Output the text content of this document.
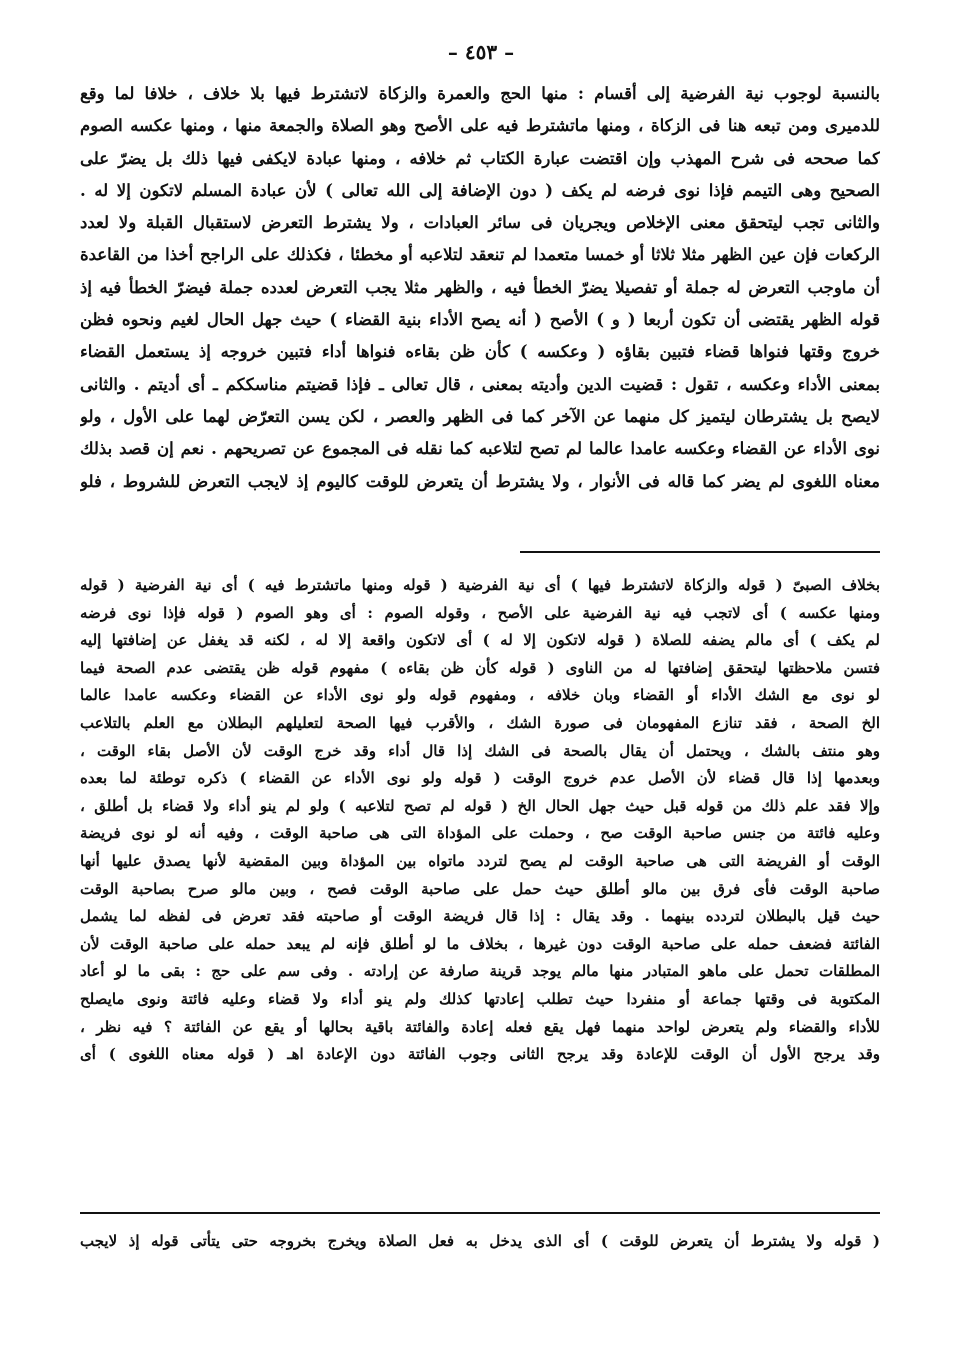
– ٤٥٣ –
بالنسبة لوجوب نية الفرضية إلى أقسام : منها الحج والعمرة والزكاة لاتشترط فيها بلا خلاف ، خلافا لما وقع
للدميرى ومن تبعه هنا فى الزكاة ، ومنها ماتشترط فيه على الأصح وهو الصلاة والجمعة منها ، ومنها عكسه الصوم
كما صححه فى شرح المهذب وإن اقتضت عبارة الكتاب ثم خلافه ، ومنها عبادة لايكفى فيها ذلك بل يضرّ على
الصحيح وهى التيمم فإذا نوى فرضه لم يكف ( دون الإضافة إلى الله تعالى ) لأن عبادة المسلم لاتكون إلا له .
والثانى تجب ليتحقق معنى الإخلاص ويجريان فى سائر العبادات ، ولا يشترط التعرض لاستقبال القبلة ولا لعدد
الركعات فإن عين الظهر مثلا ثلاثا أو خمسا متعمدا لم تنعقد لتلاعبه أو مخطئا ، فكذلك على الراجح أخذا من القاعدة
أن ماوجب التعرض له جملة أو تفصيلا يضرّ الخطأ فيه ، والظهر مثلا يجب التعرض لعدده جملة فيضرّ الخطأ فيه إذ
قوله الظهر يقتضى أن تكون أربعا ( و ) الأصح ( أنه يصح الأداء بنية القضاء ) حيث جهل الحال لغيم ونحوه فظن
خروج وقتها فنواها قضاء فتبين بقاؤه ( وعكسه ) كأن ظن بقاءه فنواها أداء فتبين خروجه إذ يستعمل القضاء
بمعنى الأداء وعكسه ، تقول : قضيت الدين وأديته بمعنى ، قال تعالى ـ فإذا قضيتم مناسككم ـ أى أديتم . والثانى
لايصح بل يشترطان ليتميز كل منهما عن الآخر كما فى الظهر والعصر ، لكن يسن التعرّض لهما على الأول ، ولو
نوى الأداء عن القضاء وعكسه عامدا عالما لم تصح لتلاعبه كما نقله فى المجموع عن تصريحهم . نعم إن قصد بذلك
معناه اللغوى لم يضر كما قاله فى الأنوار ، ولا يشترط أن يتعرض للوقت كاليوم إذ لايجب التعرض للشروط ، فلو
بخلاف الصبىّ ( قوله والزكاة لاتشترط فيها ) أى نية الفرضية ( قوله ومنها ماتشترط فيه ) أى نية الفرضية ( قوله
ومنها عكسه ) أى لاتجب فيه نية الفرضية على الأصح ، وقوله الصوم : أى وهو الصوم ( قوله فإذا نوى فرضه
لم يكف ) أى مالم يضفه للصلاة ( قوله لاتكون إلا له ) أى لاتكون واقعة إلا له ، لكنه قد يغفل عن إضافتها إليه
فتسن ملاحظتها ليتحقق إضافتها له من الناوى ( قوله كأن ظن بقاءه ) مفهوم قوله ظن يقتضى عدم الصحة فيما
لو نوى مع الشك الأداء أو القضاء وبان خلافه ، ومفهوم قوله ولو نوى الأداء عن القضاء وعكسه عامدا عالما
الخ الصحة ، فقد تنازع المفهومان فى صورة الشك ، والأقرب فيها الصحة لتعليلهم البطلان مع العلم بالتلاعب
وهو منتف بالشك ، ويحتمل أن يقال بالصحة فى الشك إذا قال أداء وقد خرج الوقت لأن الأصل بقاء الوقت ،
وبعدمها إذا قال قضاء لأن الأصل عدم خروج الوقت ( قوله ولو نوى الأداء عن القضاء ) ذكره توطئة لما بعده
وإلا فقد علم ذلك من قوله قبل حيث جهل الحال الخ ( قوله لم تصح لتلاعبه ) ولو لم ينو أداء ولا قضاء بل أطلق ،
وعليه فائتة من جنس صاحبة الوقت صح ، وحملت على المؤداة التى هى صاحبة الوقت ، وفيه أنه لو نوى فريضة
الوقت أو الفريضة التى هى صاحبة الوقت لم يصح لتردد ماتواه بين المؤداة وبين المقضية لأنها يصدق عليها أنها
صاحبة الوقت فأى فرق بين مالو أطلق حيث حمل على صاحبة الوقت فصح ، وبين مالو صرح بصاحبة الوقت
حيث قيل بالبطلان لتردده بينهما . وقد يقال : إذا قال فريضة الوقت أو صاحبته فقد تعرض فى لفظه لما يشمل
الفائتة فضعف حمله على صاحبة الوقت دون غيرها ، بخلاف ما لو أطلق فإنه لم يبعد حمله على صاحبة الوقت لأن
المطلقات تحمل على ماهو المتبادر منها مالم يوجد قرينة صارفة عن إرادته . وفى سم على حج : بقى ما لو أعاد
المكتوبة فى وقتها جماعة أو منفردا حيث تطلب إعادتها كذلك ولم ينو أداء ولا قضاء وعليه فائتة ونوى مايصلح
للأداء والقضاء ولم يتعرض لواحد منهما فهل يقع فعله إعادة والفائتة باقية بحالها أو يقع عن الفائتة ؟ فيه نظر ،
وقد يرجح الأول أن الوقت للإعادة وقد يرجح الثانى وجوب الفائتة دون الإعادة اهـ ( قوله معناه اللغوى ) أى
( قوله ولا يشترط أن يتعرض للوقت ) أى الذى يدخل به فعل الصلاة ويخرج بخروجه حتى يتأتى قوله إذ لايجب
